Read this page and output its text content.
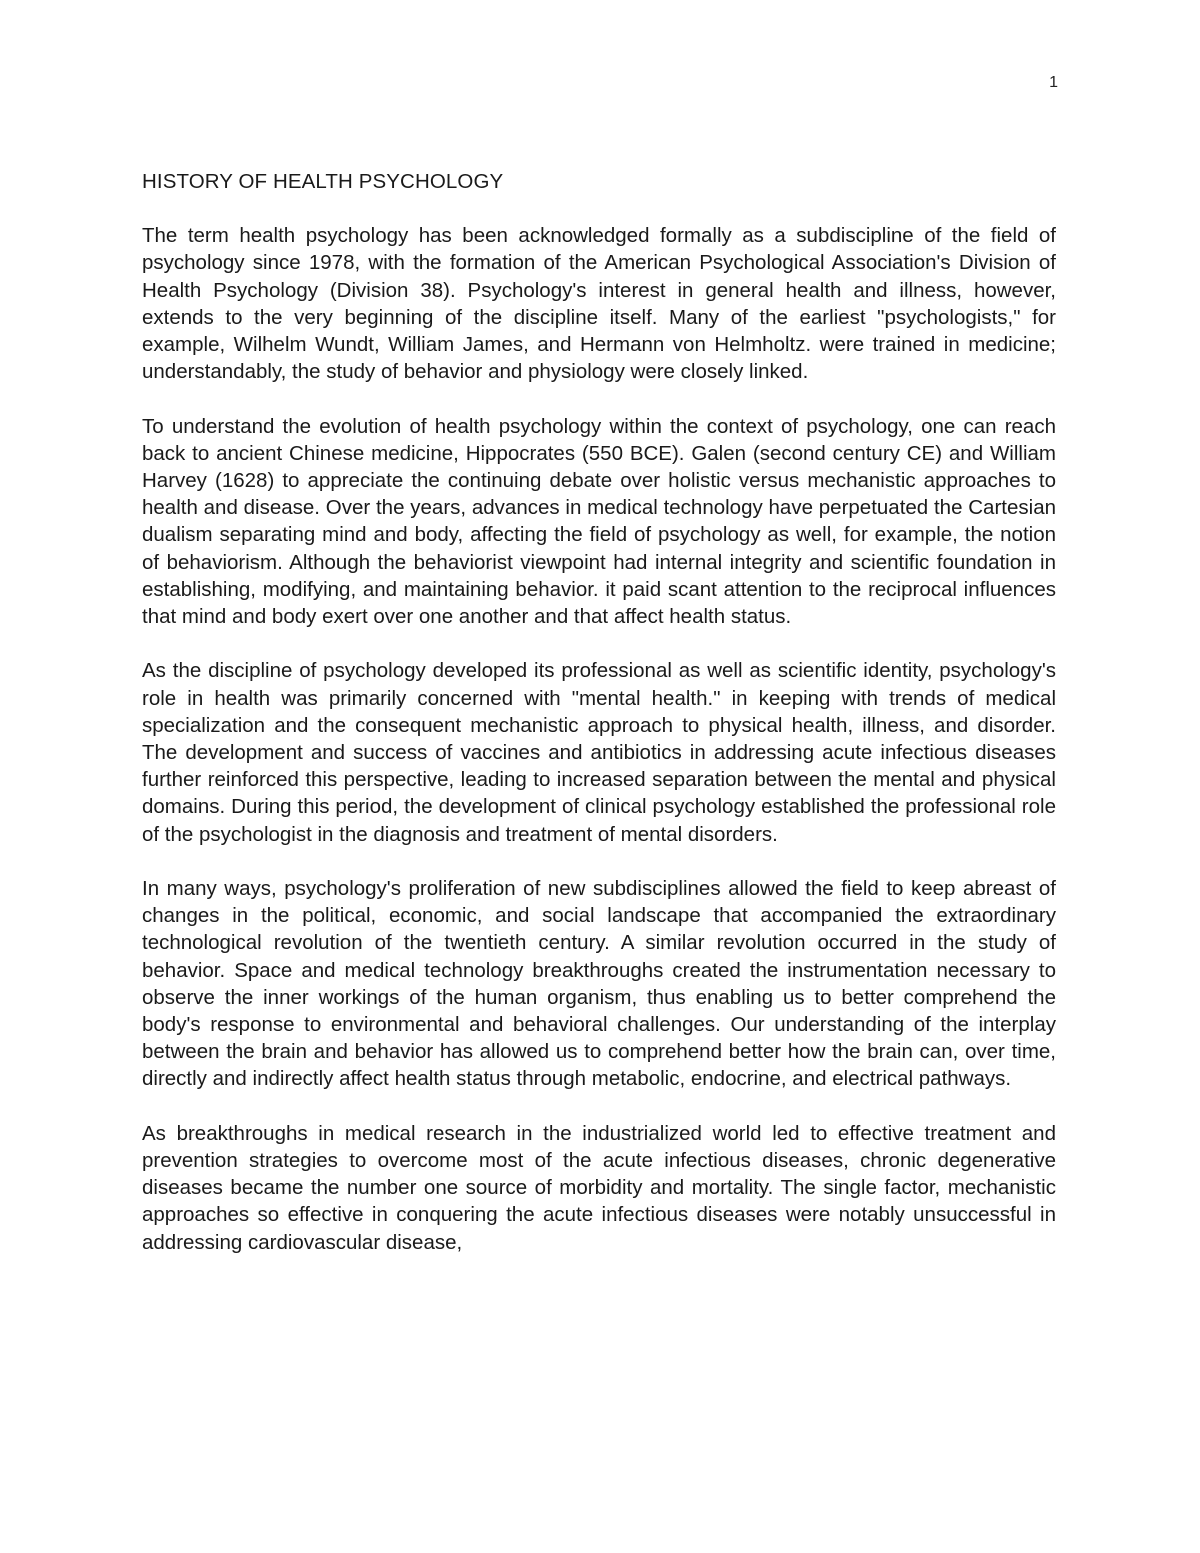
1
HISTORY OF HEALTH PSYCHOLOGY

The term health psychology has been acknowledged formally as a subdiscipline of the field of psychology since 1978, with the formation of the American Psychological Association's Division of Health Psychology (Division 38). Psychology's interest in general health and illness, however, extends to the very beginning of the discipline itself. Many of the earliest "psychologists," for example, Wilhelm Wundt, William James, and Hermann von Helmholtz. were trained in medicine; understandably, the study of behavior and physiology were closely linked.

To understand the evolution of health psychology within the context of psychology, one can reach back to ancient Chinese medicine, Hippocrates (550 BCE). Galen (second century CE) and William Harvey (1628) to appreciate the continuing debate over holistic versus mechanistic approaches to health and disease. Over the years, advances in medical technology have perpetuated the Cartesian dualism separating mind and body, affecting the field of psychology as well, for example, the notion of behaviorism. Although the behaviorist viewpoint had internal integrity and scientific foundation in establishing, modifying, and maintaining behavior. it paid scant attention to the reciprocal influences that mind and body exert over one another and that affect health status.

As the discipline of psychology developed its professional as well as scientific identity, psychology's role in health was primarily concerned with "mental health." in keeping with trends of medical specialization and the consequent mechanistic approach to physical health, illness, and disorder. The development and success of vaccines and antibiotics in addressing acute infectious diseases further reinforced this perspective, leading to increased separation between the mental and physical domains. During this period, the development of clinical psychology established the professional role of the psychologist in the diagnosis and treatment of mental disorders.

In many ways, psychology's proliferation of new subdisciplines allowed the field to keep abreast of changes in the political, economic, and social landscape that accompanied the extraordinary technological revolution of the twentieth century. A similar revolution occurred in the study of behavior. Space and medical technology breakthroughs created the instrumentation necessary to observe the inner workings of the human organism, thus enabling us to better comprehend the body's response to environmental and behavioral challenges. Our understanding of the interplay between the brain and behavior has allowed us to comprehend better how the brain can, over time, directly and indirectly affect health status through metabolic, endocrine, and electrical pathways.

As breakthroughs in medical research in the industrialized world led to effective treatment and prevention strategies to overcome most of the acute infectious diseases, chronic degenerative diseases became the number one source of morbidity and mortality. The single factor, mechanistic approaches so effective in conquering the acute infectious diseases were notably unsuccessful in addressing cardiovascular disease,
